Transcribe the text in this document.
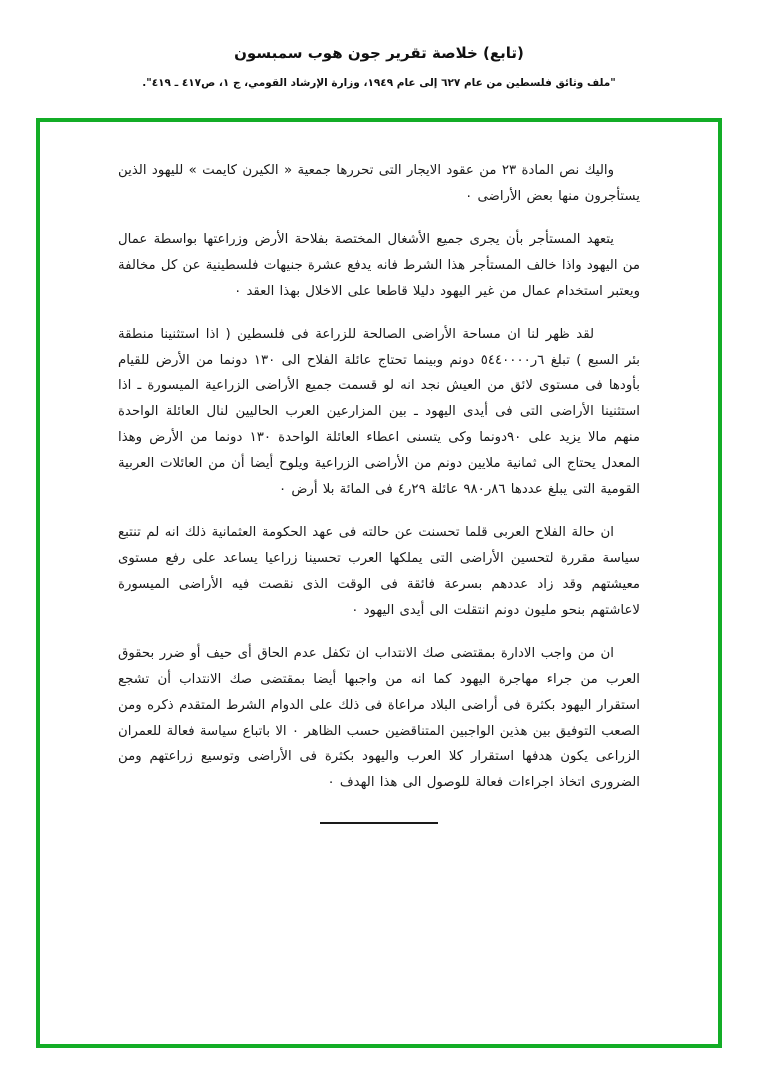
(تابع) خلاصة تقرير جون هوب سمبسون
"ملف وثائق فلسطين من عام ٦٢٧ إلى عام ١٩٤٩، وزارة الإرشاد القومي، ج ١، ص٤١٧ ـ ٤١٩".

واليك نص المادة ٢٣ من عقود الايجار التى تحررها جمعية « الكيرن كايمت » لليهود الذين يستأجرون منها بعض الأراضى ٠

يتعهد المستأجر بأن يجرى جميع الأشغال المختصة بفلاحة الأرض وزراعتها بواسطة عمال من اليهود واذا خالف المستأجر هذا الشرط فانه يدفع عشرة جنيهات فلسطينية عن كل مخالفة ويعتبر استخدام عمال من غير اليهود دليلا قاطعا على الاخلال بهذا العقد ٠

لقد ظهر لنا ان مساحة الأراضى الصالحة للزراعة فى فلسطين ( اذا استثنينا منطقة بئر السبع ) تبلغ ٦ر٥٤٤٠٠٠٠ دونم وبينما تحتاج عائلة الفلاح الى ١٣٠ دونما من الأرض للقيام بأودها فى مستوى لائق من العيش نجد انه لو قسمت جميع الأراضى الزراعية الميسورة ـ اذا استثنينا الأراضى التى فى أيدى اليهود ـ بين المزارعين العرب الحاليين لنال العائلة الواحدة منهم مالا يزيد على ٩٠دونما وكى يتسنى اعطاء العائلة الواحدة ١٣٠ دونما من الأرض وهذا المعدل يحتاج الى ثمانية ملايين دونم من الأراضى الزراعية ويلوح أيضا أن من العائلات العربية القومية التى يبلغ عددها ٨٦ر٩٨٠ عائلة ٢٩ر٤ فى المائة بلا أرض ٠

ان حالة الفلاح العربى قلما تحسنت عن حالته فى عهد الحكومة العثمانية ذلك انه لم تنتبع سياسة مقررة لتحسين الأراضى التى يملكها العرب تحسينا زراعيا يساعد على رفع مستوى معيشتهم وقد زاد عددهم بسرعة فائقة فى الوقت الذى نقصت فيه الأراضى الميسورة لاعاشتهم بنحو مليون دونم انتقلت الى أيدى اليهود ٠

ان من واجب الادارة بمقتضى صك الانتداب ان تكفل عدم الحاق أى حيف أو ضرر بحقوق العرب من جراء مهاجرة اليهود كما انه من واجبها أيضا بمقتضى صك الانتداب أن تشجع استقرار اليهود بكثرة فى أراضى البلاد مراعاة فى ذلك على الدوام الشرط المتقدم ذكره ومن الصعب التوفيق بين هذين الواجبين المتناقضين حسب الظاهر ٠ الا باتباع سياسة فعالة للعمران الزراعى يكون هدفها استقرار كلا العرب واليهود بكثرة فى الأراضى وتوسيع زراعتهم ومن الضرورى اتخاذ اجراءات فعالة للوصول الى هذا الهدف ٠
